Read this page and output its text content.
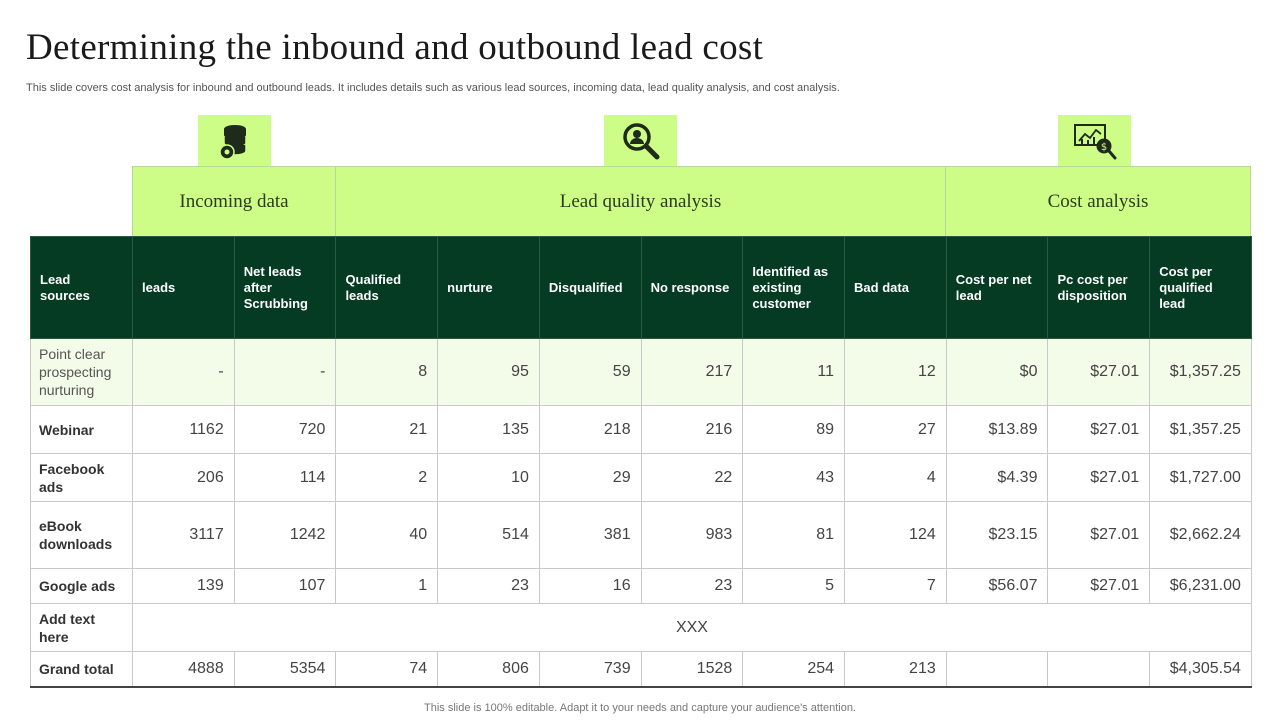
Determining the inbound and outbound lead cost
This slide covers cost analysis for inbound and outbound leads. It includes details such as various lead sources, incoming data, lead quality analysis, and cost analysis.
$
Incoming data	Lead quality analysis	Cost analysis
Lead sources	leads	Net leads after Scrubbing	Qualified leads	nurture	Disqualified	No response	Identified as existing customer	Bad data	Cost per net lead	Pc cost per disposition	Cost per qualified lead
Point clear prospecting nurturing	-	-	8	95	59	217	11	12	$0	$27.01	$1,357.25
Webinar	1162	720	21	135	218	216	89	27	$13.89	$27.01	$1,357.25
Facebook ads	206	114	2	10	29	22	43	4	$4.39	$27.01	$1,727.00
eBook downloads	3117	1242	40	514	381	983	81	124	$23.15	$27.01	$2,662.24
Google ads	139	107	1	23	16	23	5	7	$56.07	$27.01	$6,231.00
Add text here	XXX										
Grand total	4888	5354	74	806	739	1528	254	213			$4,305.54
This slide is 100% editable. Adapt it to your needs and capture your audience's attention.
